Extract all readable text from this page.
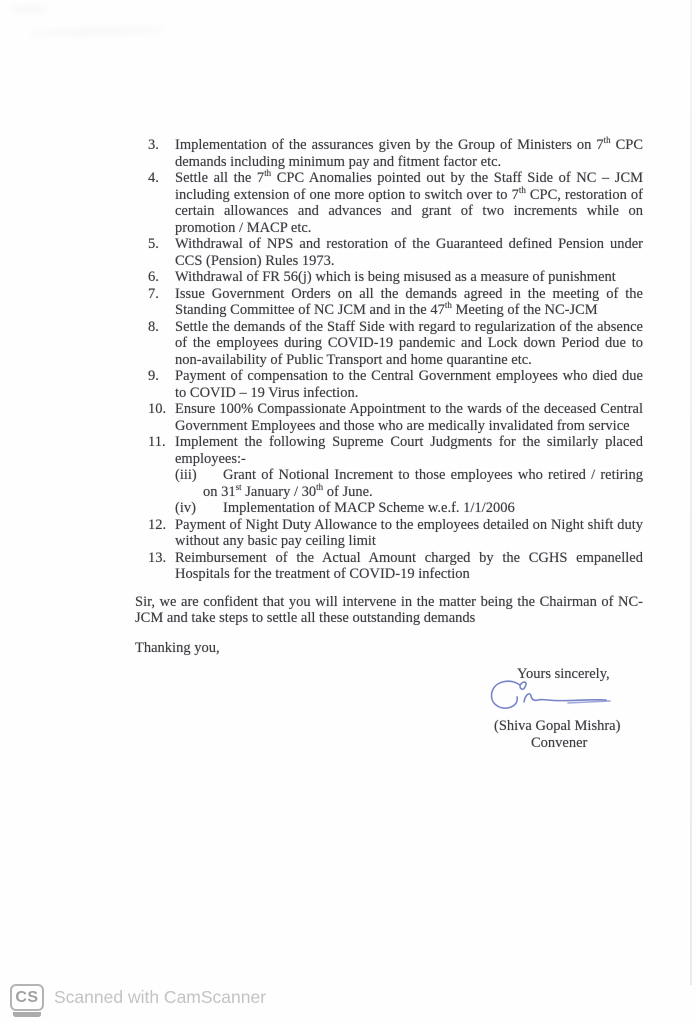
3.	Implementation of the assurances given by the Group of Ministers on 7th CPC demands including minimum pay and fitment factor etc.
4.	Settle all the 7th CPC Anomalies pointed out by the Staff Side of NC – JCM including extension of one more option to switch over to 7th CPC, restoration of certain allowances and advances and grant of two increments while on promotion / MACP etc.
5.	Withdrawal of NPS and restoration of the Guaranteed defined Pension under CCS (Pension) Rules 1973.
6.	Withdrawal of FR 56(j) which is being misused as a measure of punishment
7.	Issue Government Orders on all the demands agreed in the meeting of the Standing Committee of NC JCM and in the 47th Meeting of the NC-JCM
8.	Settle the demands of the Staff Side with regard to regularization of the absence of the employees during COVID-19 pandemic and Lock down Period due to non-availability of Public Transport and home quarantine etc.
9.	Payment of compensation to the Central Government employees who died due to COVID – 19 Virus infection.
10. Ensure 100% Compassionate Appointment to the wards of the deceased Central Government Employees and those who are medically invalidated from service
11. Implement the following Supreme Court Judgments for the similarly placed employees:-
(iii) Grant of Notional Increment to those employees who retired / retiring on 31st January / 30th of June.
(iv) Implementation of MACP Scheme w.e.f. 1/1/2006
12. Payment of Night Duty Allowance to the employees detailed on Night shift duty without any basic pay ceiling limit
13. Reimbursement of the Actual Amount charged by the CGHS empanelled Hospitals for the treatment of COVID-19 infection

Sir, we are confident that you will intervene in the matter being the Chairman of NC-JCM and take steps to settle all these outstanding demands

Thanking you,

Yours sincerely,
(Shiva Gopal Mishra)
Convener
CS Scanned with CamScanner
